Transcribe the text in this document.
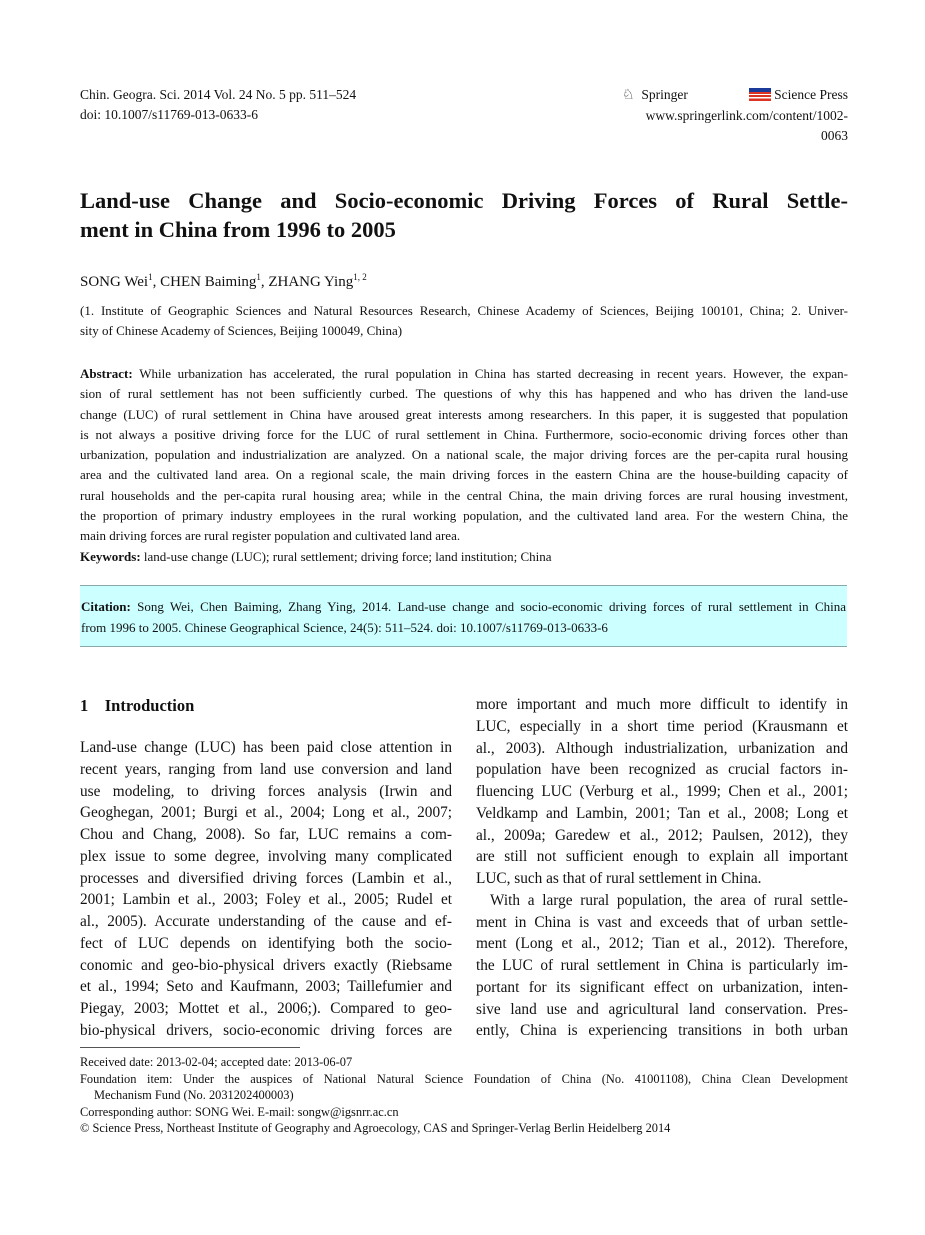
Chin. Geogra. Sci. 2014 Vol. 24 No. 5 pp. 511–524
doi: 10.1007/s11769-013-0633-6
♘ Springer	Science Press
www.springerlink.com/content/1002-0063
Land-use Change and Socio-economic Driving Forces of Rural Settle-
ment in China from 1996 to 2005
SONG Wei$^1$, CHEN Baiming$^1$, ZHANG Ying$^{1, 2}$
(1. Institute of Geographic Sciences and Natural Resources Research, Chinese Academy of Sciences, Beijing 100101, China; 2. Univer-
sity of Chinese Academy of Sciences, Beijing 100049, China)
Abstract: While urbanization has accelerated, the rural population in China has started decreasing in recent years. However, the expan-
sion of rural settlement has not been sufficiently curbed. The questions of why this has happened and who has driven the land-use
change (LUC) of rural settlement in China have aroused great interests among researchers. In this paper, it is suggested that population
is not always a positive driving force for the LUC of rural settlement in China. Furthermore, socio-economic driving forces other than
urbanization, population and industrialization are analyzed. On a national scale, the major driving forces are the per-capita rural housing
area and the cultivated land area. On a regional scale, the main driving forces in the eastern China are the house-building capacity of
rural households and the per-capita rural housing area; while in the central China, the main driving forces are rural housing investment,
the proportion of primary industry employees in the rural working population, and the cultivated land area. For the western China, the
main driving forces are rural register population and cultivated land area.
Keywords: land-use change (LUC); rural settlement; driving force; land institution; China
Citation: Song Wei, Chen Baiming, Zhang Ying, 2014. Land-use change and socio-economic driving forces of rural settlement in China
from 1996 to 2005. Chinese Geographical Science, 24(5): 511–524. doi: 10.1007/s11769-013-0633-6
1 Introduction
Land-use change (LUC) has been paid close attention in
recent years, ranging from land use conversion and land
use modeling, to driving forces analysis (Irwin and
Geoghegan, 2001; Burgi et al., 2004; Long et al., 2007;
Chou and Chang, 2008). So far, LUC remains a com-
plex issue to some degree, involving many complicated
processes and diversified driving forces (Lambin et al.,
2001; Lambin et al., 2003; Foley et al., 2005; Rudel et
al., 2005). Accurate understanding of the cause and ef-
fect of LUC depends on identifying both the socio-
conomic and geo-bio-physical drivers exactly (Riebsame
et al., 1994; Seto and Kaufmann, 2003; Taillefumier and
Piegay, 2003; Mottet et al., 2006;). Compared to geo-
bio-physical drivers, socio-economic driving forces are
more important and much more difficult to identify in
LUC, especially in a short time period (Krausmann et
al., 2003). Although industrialization, urbanization and
population have been recognized as crucial factors in-
fluencing LUC (Verburg et al., 1999; Chen et al., 2001;
Veldkamp and Lambin, 2001; Tan et al., 2008; Long et
al., 2009a; Garedew et al., 2012; Paulsen, 2012), they
are still not sufficient enough to explain all important
LUC, such as that of rural settlement in China.
With a large rural population, the area of rural settle-
ment in China is vast and exceeds that of urban settle-
ment (Long et al., 2012; Tian et al., 2012). Therefore,
the LUC of rural settlement in China is particularly im-
portant for its significant effect on urbanization, inten-
sive land use and agricultural land conservation. Pres-
ently, China is experiencing transitions in both urban
Received date: 2013-02-04; accepted date: 2013-06-07
Foundation item: Under the auspices of National Natural Science Foundation of China (No. 41001108), China Clean Development
Mechanism Fund (No. 2031202400003)
Corresponding author: SONG Wei. E-mail: songw@igsnrr.ac.cn
© Science Press, Northeast Institute of Geography and Agroecology, CAS and Springer-Verlag Berlin Heidelberg 2014
